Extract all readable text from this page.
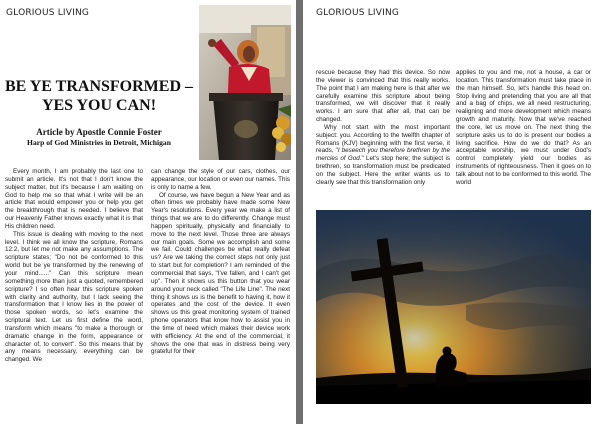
GLORIOUS LIVING
BE YE TRANSFORMED –
YES YOU CAN!
Article by Apostle Connie Foster
Harp of God Ministries in Detroit, Michigan

Every month, I am probably the last one to submit an article. It's not that I don't know the subject matter, but it's because I am waiting on God to help me so that what I write will be an article that would empower you or help you get the breakthrough that is needed. I believe that our Heavenly Father knows exactly what it is that His children need.

This issue is dealing with moving to the next level. I think we all know the scripture, Romans 12:2, but let me not make any assumptions. The scripture states; "Do not be conformed to this world but be ye transformed by the renewing of your mind......" Can this scripture mean something more than just a quoted, remembered scripture? I so often hear this scripture spoken with clarity and authority, but I lack seeing the transformation that I know lies in the power of those spoken words, so let's examine the scriptural text. Let us first define the word, transform which means "to make a thorough or dramatic change in the form, appearance or character of, to convert". So this means that by any means necessary, everything can be changed. We

can change the style of our cars, clothes, our appearance, our location or even our names. This is only to name a few.

Of course, we have begun a New Year and as often times we probably have made some New Year's resolutions. Every year we make a list of things that we are to do differently. Change must happen spiritually, physically and financially to move to the next level. Those three are always our main goals. Some we accomplish and some we fail. Could challenges be what really defeat us? Are we taking the correct steps not only just to start but for completion? I am reminded of the commercial that says, "I've fallen, and I can't get up". Then it shows us this button that you wear around your neck called "The Life Line". The next thing it shows us is the benefit to having it, how it operates and the cost of the device. It even shows us this great monitoring system of trained phone operators that know how to assist you in the time of need which makes their device work with efficiency. At the end of the commercial, it shows the one that was in distress being very grateful for their

GLORIOUS LIVING

rescue because they had this device. So now the viewer is convinced that this really works. The point that I am making here is that after we carefully examine this scripture about being transformed, we will discover that it really works. I am sure that after all, that can be changed.

Why not start with the most important subject: you. According to the twelfth chapter of Romans (KJV) beginning with the first verse, it reads, "I beseech you therefore brethren by the mercies of God." Let's stop here; the subject is brethren, so transformation must be predicated on the subject. Here the writer wants us to clearly see that this transformation only

applies to you and me, not a house, a car or location. This transformation must take place in the man himself. So, let's handle this head on. Stop living and pretending that you are all that and a bag of chips, we all need restructuring, realigning and more development which means growth and maturity. Now that we've reached the core, let us move on. The next thing the scripture asks us to do is present our bodies a living sacrifice. How do we do that? As an acceptable worship, we must under God's control completely yield our bodies as instruments of righteousness. Then it goes on to talk about not to be conformed to this world. The world
